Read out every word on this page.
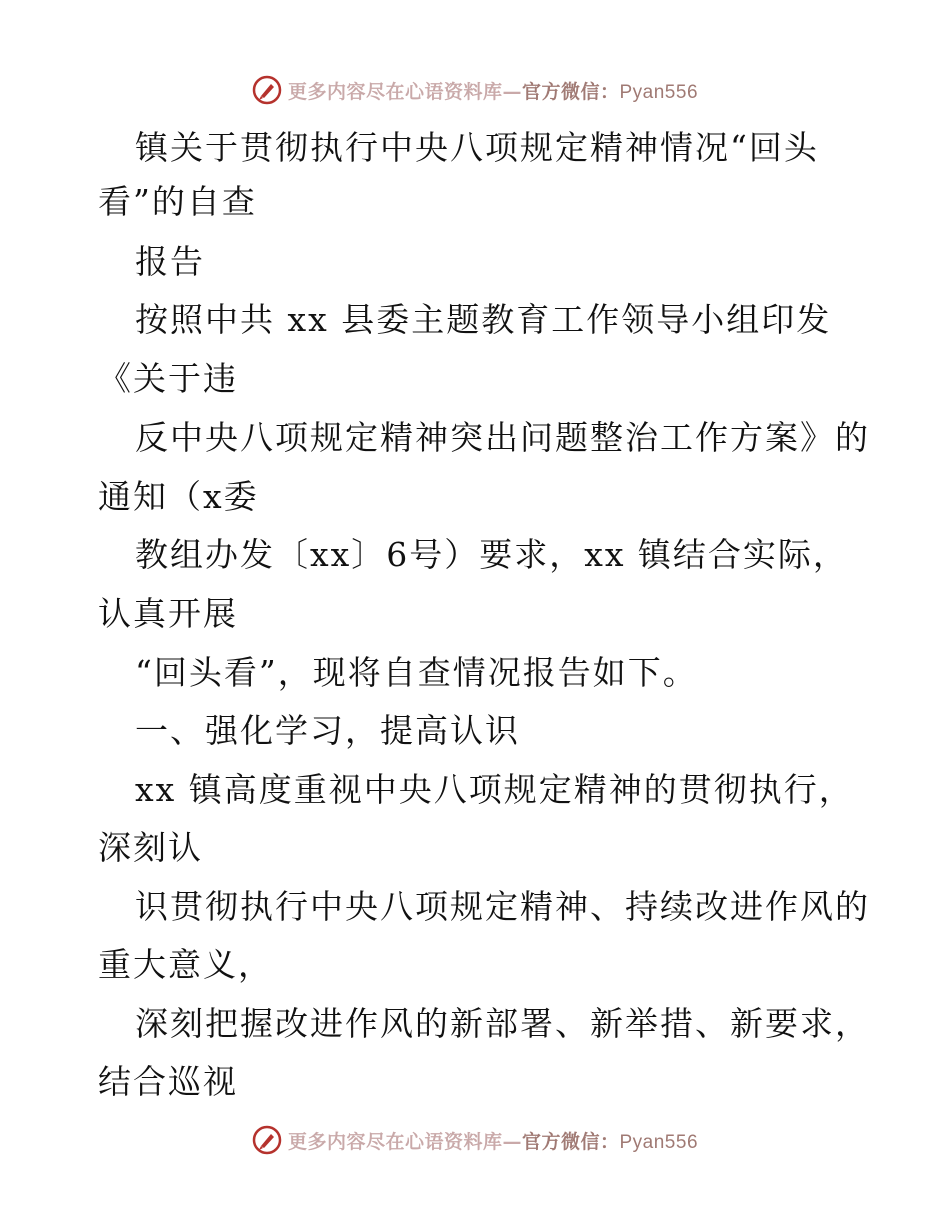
更多内容尽在心语资料库—官方微信：Pyan556
镇关于贯彻执行中央八项规定精神情况“回头
看”的自查
报告
按照中共 xx 县委主题教育工作领导小组印发
《关于违
反中央八项规定精神突出问题整治工作方案》的
通知（x委
教组办发〔xx〕6号）要求，xx 镇结合实际，
认真开展
“回头看”，现将自查情况报告如下。
一、强化学习，提高认识
xx 镇高度重视中央八项规定精神的贯彻执行，
深刻认
识贯彻执行中央八项规定精神、持续改进作风的
重大意义，
深刻把握改进作风的新部署、新举措、新要求，
结合巡视
更多内容尽在心语资料库—官方微信：Pyan556
